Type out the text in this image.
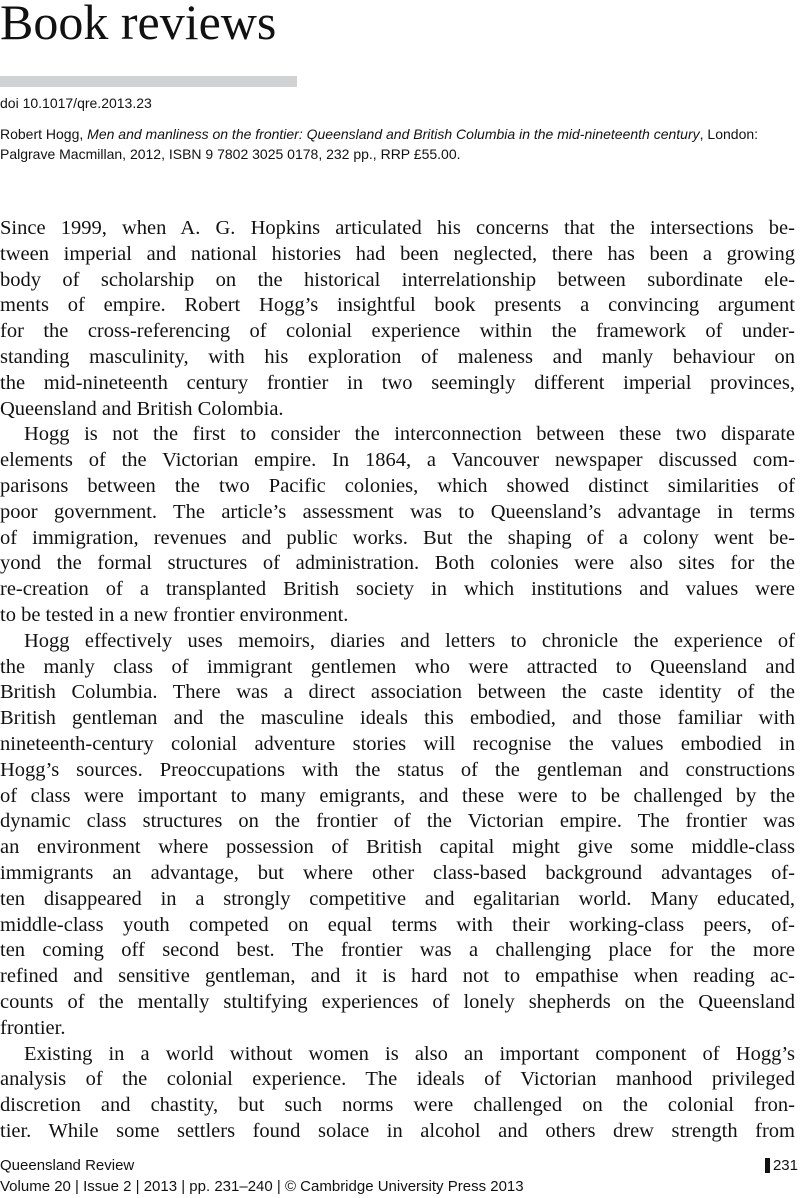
Book reviews
doi 10.1017/qre.2013.23
Robert Hogg, Men and manliness on the frontier: Queensland and British Columbia in the mid-nineteenth century, London: Palgrave Macmillan, 2012, ISBN 9 7802 3025 0178, 232 pp., RRP £55.00.
Since 1999, when A. G. Hopkins articulated his concerns that the intersections be-
tween imperial and national histories had been neglected, there has been a growing
body of scholarship on the historical interrelationship between subordinate ele-
ments of empire. Robert Hogg’s insightful book presents a convincing argument
for the cross-referencing of colonial experience within the framework of under-
standing masculinity, with his exploration of maleness and manly behaviour on
the mid-nineteenth century frontier in two seemingly different imperial provinces,
Queensland and British Colombia.
Hogg is not the first to consider the interconnection between these two disparate
elements of the Victorian empire. In 1864, a Vancouver newspaper discussed com-
parisons between the two Pacific colonies, which showed distinct similarities of
poor government. The article’s assessment was to Queensland’s advantage in terms
of immigration, revenues and public works. But the shaping of a colony went be-
yond the formal structures of administration. Both colonies were also sites for the
re-creation of a transplanted British society in which institutions and values were
to be tested in a new frontier environment.
Hogg effectively uses memoirs, diaries and letters to chronicle the experience of
the manly class of immigrant gentlemen who were attracted to Queensland and
British Columbia. There was a direct association between the caste identity of the
British gentleman and the masculine ideals this embodied, and those familiar with
nineteenth-century colonial adventure stories will recognise the values embodied in
Hogg’s sources. Preoccupations with the status of the gentleman and constructions
of class were important to many emigrants, and these were to be challenged by the
dynamic class structures on the frontier of the Victorian empire. The frontier was
an environment where possession of British capital might give some middle-class
immigrants an advantage, but where other class-based background advantages of-
ten disappeared in a strongly competitive and egalitarian world. Many educated,
middle-class youth competed on equal terms with their working-class peers, of-
ten coming off second best. The frontier was a challenging place for the more
refined and sensitive gentleman, and it is hard not to empathise when reading ac-
counts of the mentally stultifying experiences of lonely shepherds on the Queensland
frontier.
Existing in a world without women is also an important component of Hogg’s
analysis of the colonial experience. The ideals of Victorian manhood privileged
discretion and chastity, but such norms were challenged on the colonial fron-
tier. While some settlers found solace in alcohol and others drew strength from
Queensland Review
Volume 20 | Issue 2 | 2013 | pp. 231–240 | © Cambridge University Press 2013
231
